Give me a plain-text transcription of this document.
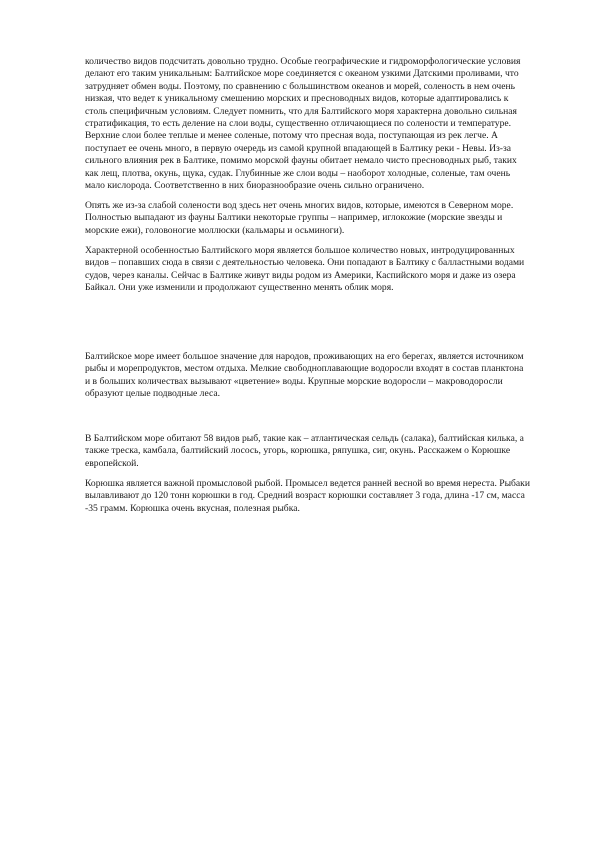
количество видов подсчитать довольно трудно. Особые географические и гидроморфологические условия делают его таким уникальным: Балтийское море соединяется с океаном узкими Датскими проливами, что затрудняет обмен воды. Поэтому, по сравнению с большинством океанов и морей, соленость в нем очень низкая, что ведет к уникальному смешению морских и пресноводных видов, которые адаптировались к столь специфичным условиям. Следует помнить, что для Балтийского моря характерна довольно сильная стратификация, то есть деление на слои воды, существенно отличающиеся по солености и температуре. Верхние слои более теплые и менее соленые, потому что пресная вода, поступающая из рек легче. А поступает ее очень много, в первую очередь из самой крупной впадающей в Балтику реки - Невы. Из-за сильного влияния рек в Балтике, помимо морской фауны обитает немало чисто пресноводных рыб, таких как лещ, плотва, окунь, щука, судак. Глубинные же слои воды – наоборот холодные, соленые, там очень мало кислорода. Соответственно в них биоразнообразие очень сильно ограничено.

Опять же из-за слабой солености вод здесь нет очень многих видов, которые, имеются в Северном море. Полностью выпадают из фауны Балтики некоторые группы – например, иглокожие (морские звезды и морские ежи), головоногие моллюски (кальмары и осьминоги).

Характерной особенностью Балтийского моря является большое количество новых, интродуцированных видов – попавших сюда в связи с деятельностью человека. Они попадают в Балтику с балластными водами судов, через каналы. Сейчас в Балтике живут виды родом из Америки, Каспийского моря и даже из озера Байкал. Они уже изменили и продолжают существенно менять облик моря.

Балтийское море имеет большое значение для народов, проживающих на его берегах, является источником рыбы и морепродуктов, местом отдыха. Мелкие свободноплавающие водоросли входят в состав планктона и в больших количествах вызывают «цветение» воды. Крупные морские водоросли – макроводоросли образуют целые подводные леса.

В Балтийском море обитают 58 видов рыб, такие как – атлантическая сельдь (салака), балтийская килька, а также треска, камбала, балтийский лосось, угорь, корюшка, ряпушка, сиг, окунь. Расскажем о Корюшке европейской.

Корюшка является важной промысловой рыбой. Промысел ведется ранней весной во время нереста. Рыбаки вылавливают до 120 тонн корюшки в год. Средний возраст корюшки составляет 3 года, длина -17 см, масса -35 грамм. Корюшка очень вкусная, полезная рыбка.
